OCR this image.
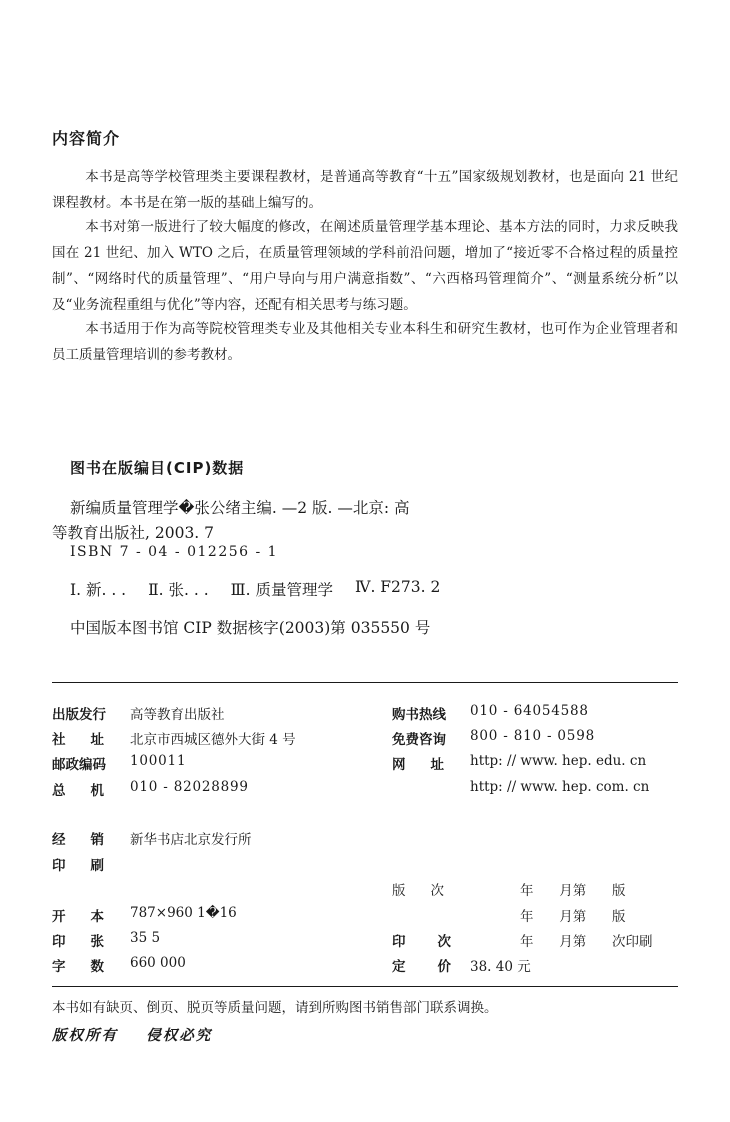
内容简介
本书是高等学校管理类主要课程教材，是普通高等教育“十五”国家级规划教材，也是面向 21 世纪课程教材。本书是在第一版的基础上编写的。
本书对第一版进行了较大幅度的修改，在阐述质量管理学基本理论、基本方法的同时，力求反映我国在 21 世纪、加入 WTO 之后，在质量管理领域的学科前沿问题，增加了“接近零不合格过程的质量控制”、“网络时代的质量管理”、“用户导向与用户满意指数”、“六西格玛管理简介”、“测量系统分析”以及“业务流程重组与优化”等内容，还配有相关思考与练习题。
本书适用于作为高等院校管理类专业及其他相关专业本科生和研究生教材，也可作为企业管理者和员工质量管理培训的参考教材。
图书在版编目(CIP)数据
新编质量管理学�张公绪主编. —2 版. —北京: 高
等教育出版社, 2003. 7
ISBN 7 - 04 - 012256 - 1
Ⅰ. 新. . . Ⅱ. 张. . . Ⅲ. 质量管理学 Ⅳ. F273. 2
中国版本图书馆 CIP 数据核字(2003)第 035550 号
出版发行 高等教育出版社
社 址 北京市西城区德外大街 4 号
邮政编码 100011
总 机 010 - 82028899
购书热线 010 - 64054588
免费咨询 800 - 810 - 0598
网 址 http: // www. hep. edu. cn
http: // www. hep. com. cn
经 销 新华书店北京发行所
印 刷
开 本 787×960 1�16
印 张 35 5
字 数 660 000
版 次	年 月第 版
年 月第 版
印 次	年 月第 次印刷
定 价 38. 40 元
本书如有缺页、倒页、脱页等质量问题，请到所购图书销售部门联系调换。
版权所有    侵权必究
